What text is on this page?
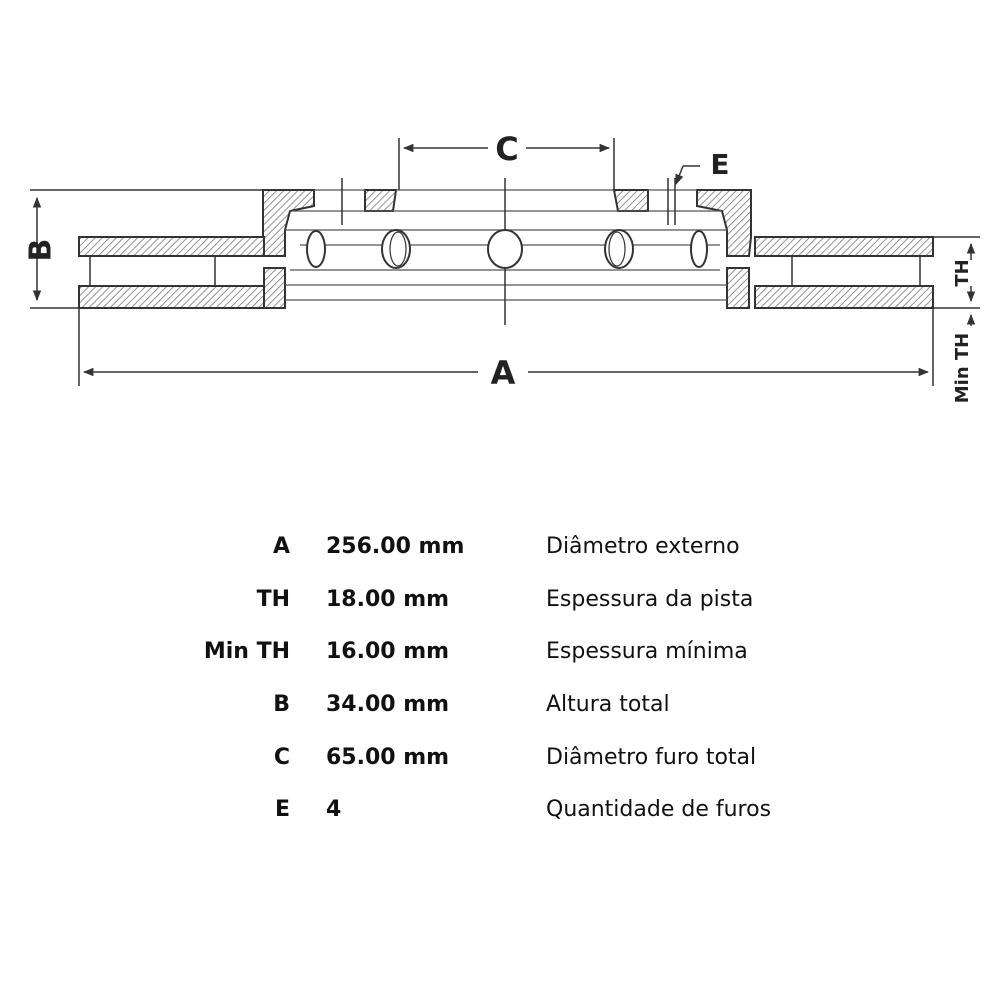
B
C	E
A
TH
Min TH
A 256.00 mm	Diâmetro externo
TH 18.00 mm	Espessura da pista
Min TH 16.00 mm	Espessura mínima
B 34.00 mm	Altura total
C 65.00 mm	Diâmetro furo total
E 4	Quantidade de furos
